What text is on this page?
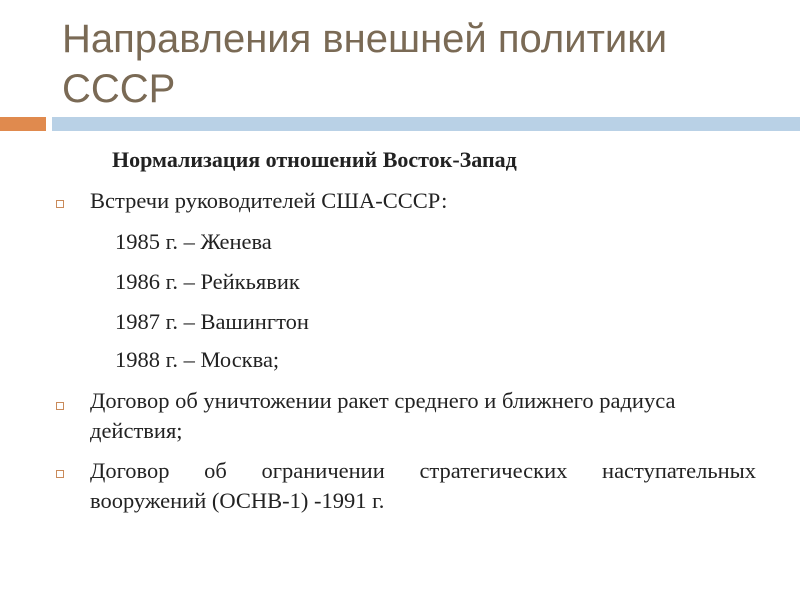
Направления внешней политики СССР
Нормализация отношений Восток-Запад
Встречи руководителей США-СССР:
1985 г. – Женева
1986 г. – Рейкьявик
1987 г. – Вашингтон
1988 г. – Москва;
Договор об уничтожении ракет среднего и ближнего радиуса действия;
Договор об ограничении стратегических наступательных вооружений (ОСНВ-1) -1991 г.
